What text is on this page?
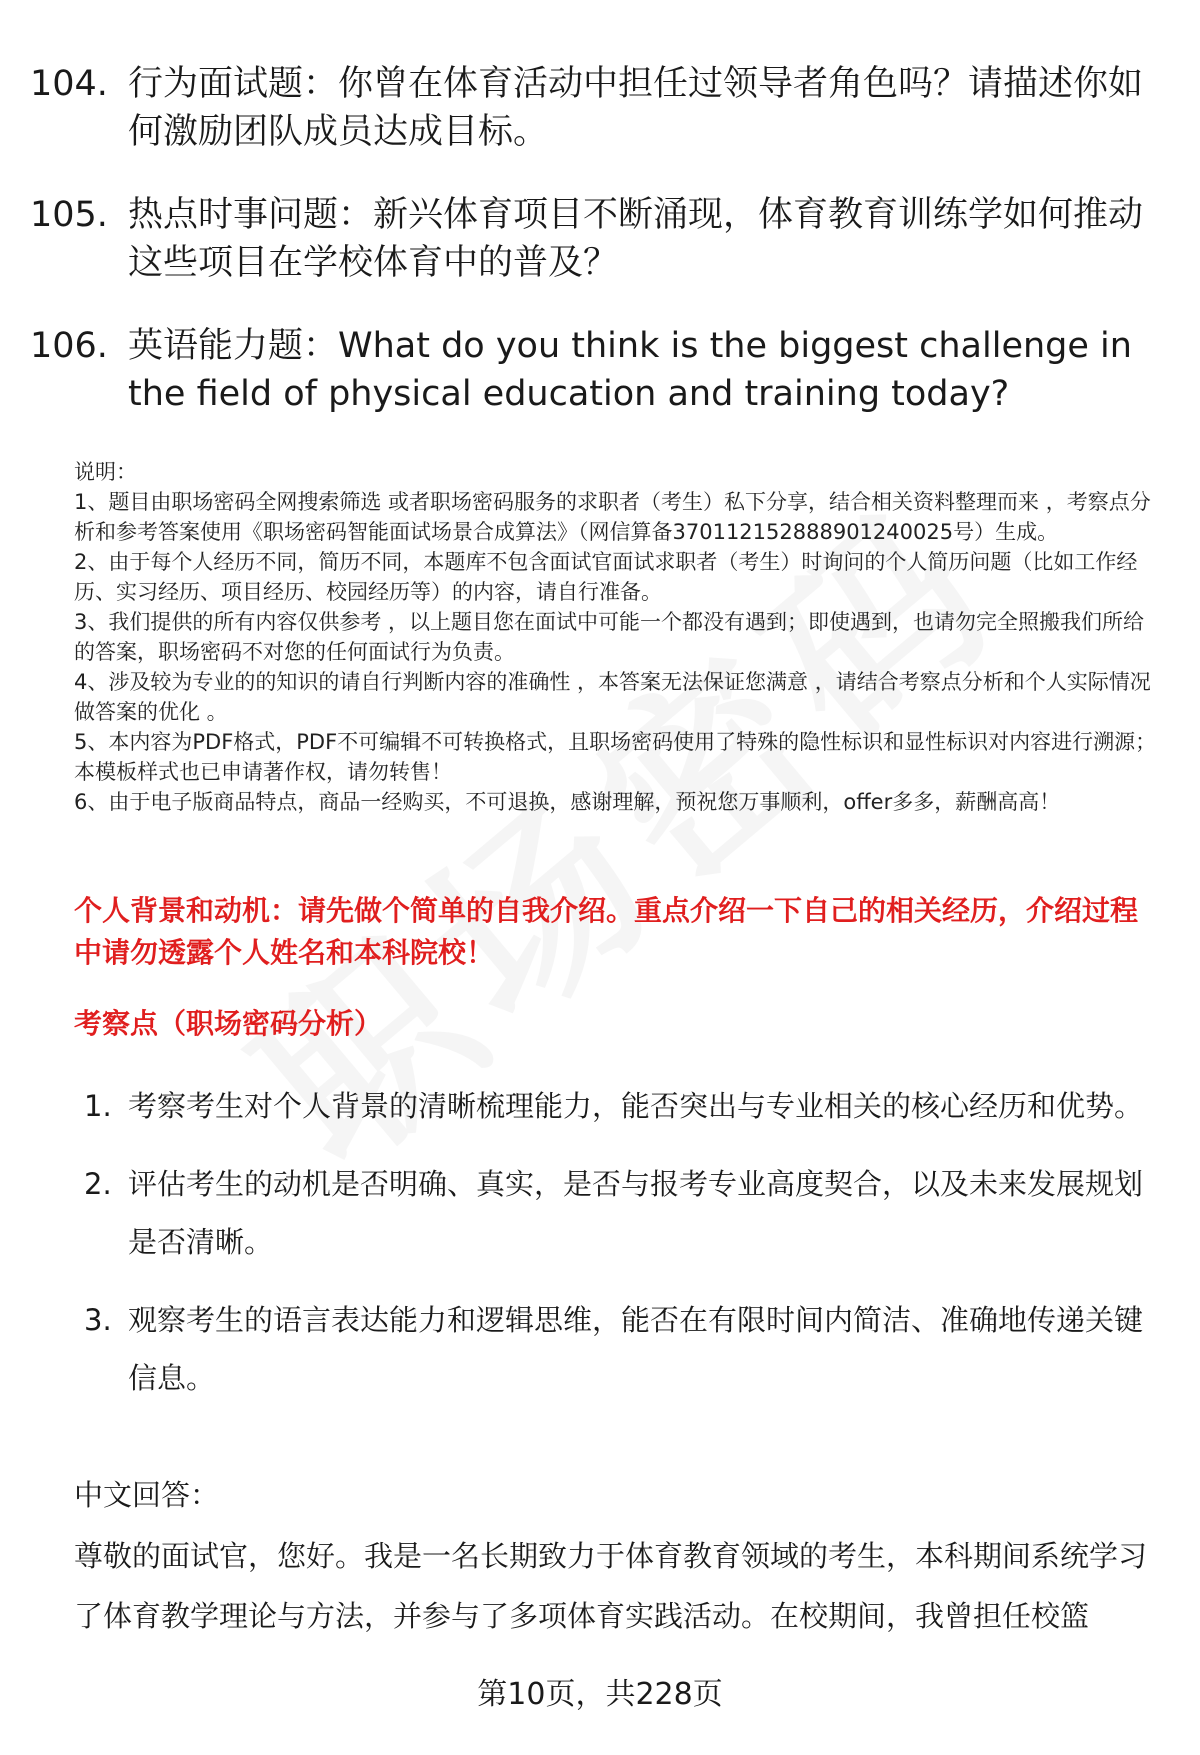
104. 行为面试题：你曾在体育活动中担任过领导者角色吗？请描述你如何激励团队成员达成目标。
105. 热点时事问题：新兴体育项目不断涌现，体育教育训练学如何推动这些项目在学校体育中的普及？
106. 英语能力题：What do you think is the biggest challenge in the field of physical education and training today?

说明：

1、题目由职场密码全网搜索筛选 或者职场密码服务的求职者（考生）私下分享，结合相关资料整理而来 ，考察点分析和参考答案使用《职场密码智能面试场景合成算法》（网信算备370112152888901240025号）生成。

2、由于每个人经历不同，简历不同，本题库不包含面试官面试求职者（考生）时询问的个人简历问题（比如工作经历、实习经历、项目经历、校园经历等）的内容，请自行准备。

3、我们提供的所有内容仅供参考 ，以上题目您在面试中可能一个都没有遇到；即使遇到，也请勿完全照搬我们所给的答案，职场密码不对您的任何面试行为负责。

4、涉及较为专业的的知识的请自行判断内容的准确性 ，本答案无法保证您满意 ，请结合考察点分析和个人实际情况做答案的优化 。

5、本内容为PDF格式，PDF不可编辑不可转换格式，且职场密码使用了特殊的隐性标识和显性标识对内容进行溯源；本模板样式也已申请著作权，请勿转售！

6、由于电子版商品特点，商品一经购买，不可退换，感谢理解，预祝您万事顺利，offer多多，薪酬高高！

个人背景和动机：请先做个简单的自我介绍。重点介绍一下自己的相关经历，介绍过程中请勿透露个人姓名和本科院校！
考察点（职场密码分析）
1. 考察考生对个人背景的清晰梳理能力，能否突出与专业相关的核心经历和优势。
2. 评估考生的动机是否明确、真实，是否与报考专业高度契合，以及未来发展规划是否清晰。
3. 观察考生的语言表达能力和逻辑思维，能否在有限时间内简洁、准确地传递关键信息。
中文回答：
尊敬的面试官，您好。我是一名长期致力于体育教育领域的考生，本科期间系统学习了体育教学理论与方法，并参与了多项体育实践活动。在校期间，我曾担任校篮
第10页，共228页
